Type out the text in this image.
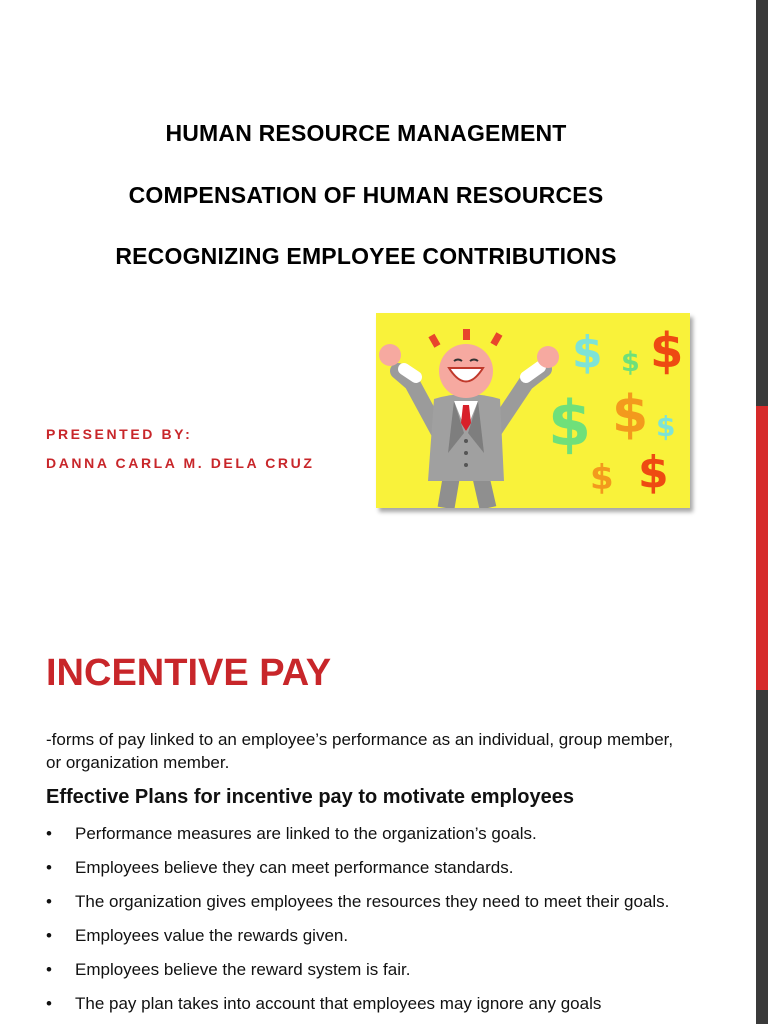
HUMAN RESOURCE MANAGEMENT
COMPENSATION OF HUMAN RESOURCES
RECOGNIZING EMPLOYEE CONTRIBUTIONS
PRESENTED BY:
DANNA CARLA M. DELA CRUZ
$ $ $
$ $ $
$ $
INCENTIVE PAY
-forms of pay linked to an employee’s performance as an individual, group member, or organization member.
Effective Plans for incentive pay to motivate employees
• Performance measures are linked to the organization’s goals.
• Employees believe they can meet performance standards.
• The organization gives employees the resources they need to meet their goals.
• Employees value the rewards given.
• Employees believe the reward system is fair.
• The pay plan takes into account that employees may ignore any goals
